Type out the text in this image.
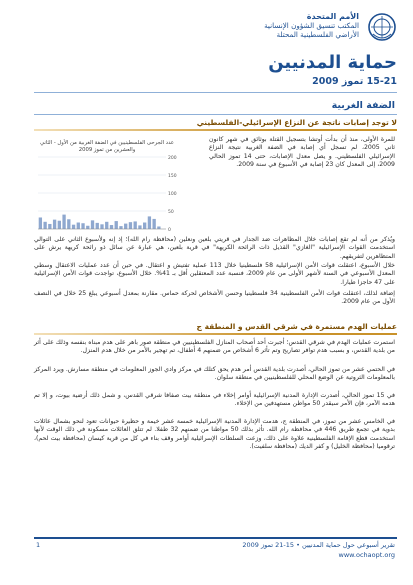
الأمم المتحدة
المكتب تنسيق الشؤون الإنسانية
الأراضي الفلسطينية المحتلة
حماية المدنيين
15-21 تموز 2009
الضفة الغربية
لا توجد إصابات ناتجة عن النزاع الإسرائيلي-الفلسطيني
للمرة الأولى، منذ أن بدأت أوتشا بتسجيل القتلة بوثائق في شهر كانون ثاني 2005، لم تسجل أي إصابة في الضفة الغربية نتيجة النزاع الإسرائيلي الفلسطيني. و يصل معدل الإصابات، حتى 14 تموز الحالي 2009، إلى المعدل كان 23 إصابة في الأسبوع في سنة 2009.
عدد الجرحى الفلسطينيين في الضفة الغربية من الأول - الثاني والعشرين من تموز 2009
200
150
100
50
0
ويُذكر من أنه لم تقع إصابات خلال المظاهرات ضد الجدار في قريتي بلعين ونعلين (محافظة رام الله)؛ إذ إنه ولأسبوع الثاني على التوالي استخدمت القوات الإسرائيلية "الغازي" القذيل ذات الرائحة الكريهة" في قرية بلعين، هي عبارة عن سائل ذو رائحة كريهة يرش على المتظاهرين لتفريقهم.
خلال الأسبوع، اعتقلت قوات الأمن الإسرائيلية 58 فلسطينيا خلال 113 عملية تفتيش و اعتقال. في حين أن عدد عمليات الاعتقال وسطي المعدل الأسبوعي في السنة لأشهر الأولى من عام 2009، فنسبة عدد المعتقلين أقل بـ 41%. خلال الأسبوع، تواجدت قوات الأمن الإسرائيلية على 47 حاجزا طيارا.
إضافة لذلك، اعتقلت قوات الأمن الفلسطينية 34 فلسطينيا وحسن الأشخاص لحركة حماس. مقارنة بمعدل أسبوعي يبلغ 25 خلال في النصف الأول من عام 2009.
عمليات الهدم مستمرة في شرقي القدس و المنطقة ج
استمرت عمليات الهدم في شرقي القدس؛ أجبرت أحد أصحاب المنازل الفلسطينيين في منطقة صور باهر على هدم مبناه بنفسه وذلك على أثر من بلدية القدس، و بسبب هدم توافر تصاريح وتم تأثر 6 أشخاص من ضمنهم 4 أطفال، تم تهجير بالأمر من خلال هدم المنزل.
في الحتمي عشر من تموز الحالي، أصدرت بلدية القدس أمر هدم يحق كتلك في مركز وادي الجوز المعلومات في منطقة مسارش. ويرد المركز بالمعلومات الثروتية عن الوضع المحلي للفلسطينيين في منطقة سلوان.
في 15 تموز الحالي، أصدرت الإدارة المدنية الإسرائيلية أوامر إخلاء في منطقة بيت صفافا شرقي القدس، و شمل ذلك أرضية بيوت، و إلا تم هدمه الآمر، فإن الأمر سيقدر 50 مواطن مستهدفين من الإخلاء.
في الخامس عشر من تموز، في المنطقة ج، هدمت الإدارة المدنية الإسرائيلية خمسة عشر خيمة و حظيرة حيوانات تعود لنحو بشمال عائلات بدوية في تجمع طريق 446 في محافظة رام الله. تأثر بذلك 50 مواطنا من ضمنهم 32 طفلا. لم تتلق العائلات مسكونة في ذلك الوقت لأنها استخدمت قطع الإقامة الفلسطينية علاوة على ذلك، وزعت السلطات الإسرائيلية أوامر وقف بناء في كل من قرية كيسان (محافظة بيت لحم)، ترقوميا (محافظة الخليل) و كفر الديك (محافظة سلفيت).
تقرير أسبوعي حول حماية المدنيين • 15-21 تموز 2009
www.ochaopt.org
1
